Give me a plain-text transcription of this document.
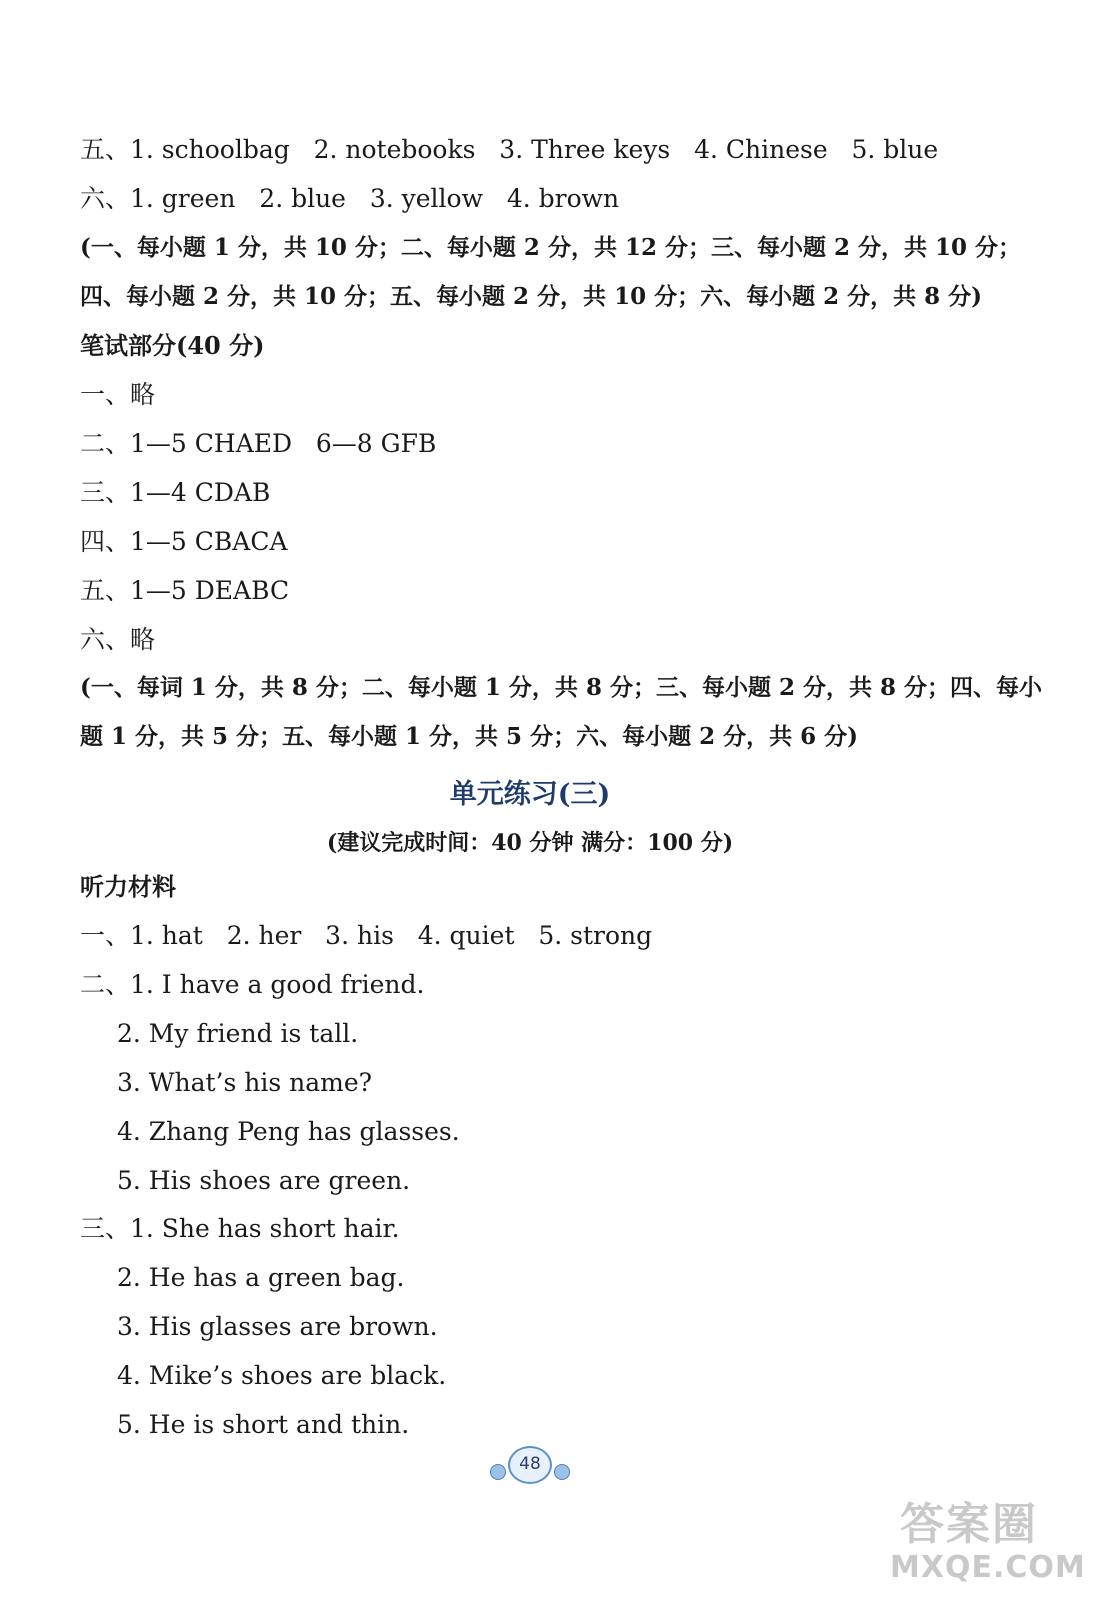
五、1. schoolbag   2. notebooks   3. Three keys   4. Chinese   5. blue
六、1. green   2. blue   3. yellow   4. brown
(一、每小题 1 分，共 10 分；二、每小题 2 分，共 12 分；三、每小题 2 分，共 10 分；
四、每小题 2 分，共 10 分；五、每小题 2 分，共 10 分；六、每小题 2 分，共 8 分)
笔试部分(40 分)
一、略
二、1—5 CHAED   6—8 GFB
三、1—4 CDAB
四、1—5 CBACA
五、1—5 DEABC
六、略
(一、每词 1 分，共 8 分；二、每小题 1 分，共 8 分；三、每小题 2 分，共 8 分；四、每小
题 1 分，共 5 分；五、每小题 1 分，共 5 分；六、每小题 2 分，共 6 分)
单元练习(三)
(建议完成时间：40 分钟 满分：100 分)
听力材料
一、1. hat   2. her   3. his   4. quiet   5. strong
二、1. I have a good friend.
2. My friend is tall.
3. What’s his name?
4. Zhang Peng has glasses.
5. His shoes are green.
三、1. She has short hair.
2. He has a green bag.
3. His glasses are brown.
4. Mike’s shoes are black.
5. He is short and thin.
48
答案圈
MXQE.COM
